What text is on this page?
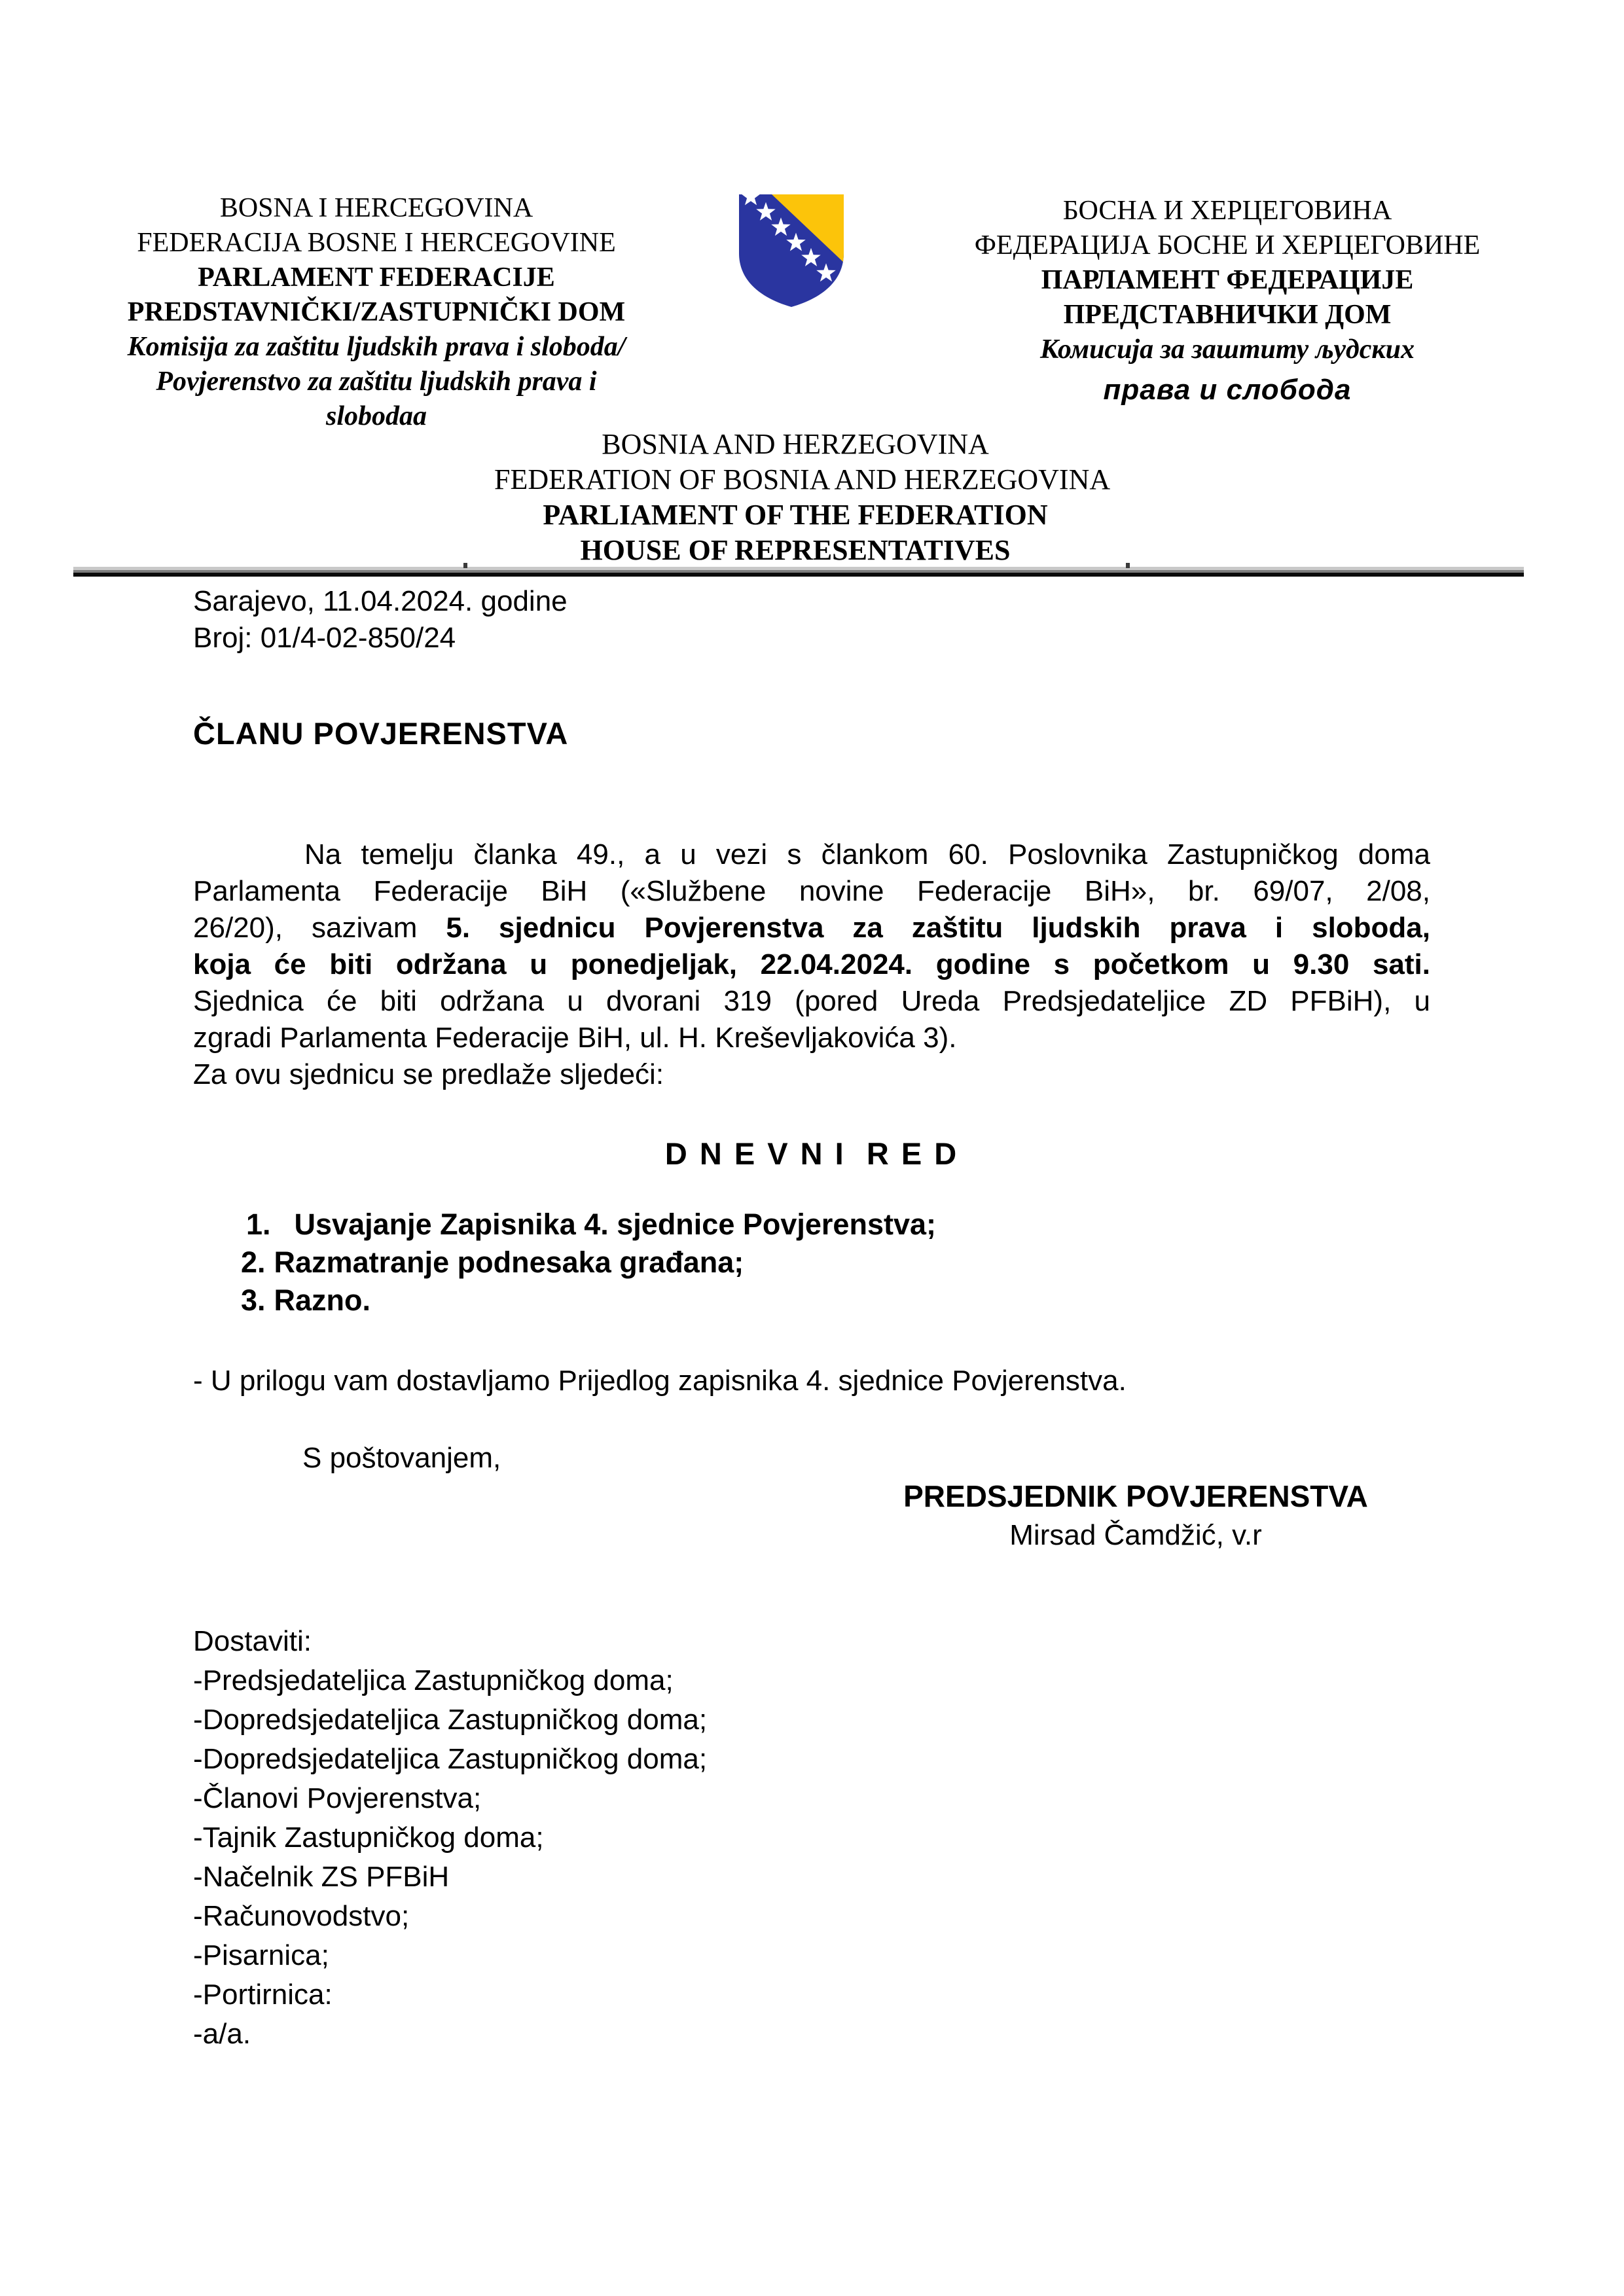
BOSNA I HERCEGOVINA
FEDERACIJA BOSNE I HERCEGOVINE
PARLAMENT FEDERACIJE
PREDSTAVNIČKI/ZASTUPNIČKI DOM
Komisija za zaštitu ljudskih prava i sloboda/
Povjerenstvo za zaštitu ljudskih prava i
slobodaa
БОСНА И ХЕРЦЕГОВИНА
ФЕДЕРАЦИЈА БОСНЕ И ХЕРЦЕГОВИНЕ
ПАРЛАМЕНТ ФЕДЕРАЦИЈЕ
ПРЕДСТАВНИЧКИ ДОМ
Комисија за заштиту људских
права и слобода
BOSNIA AND HERZEGOVINA
FEDERATION OF BOSNIA AND HERZEGOVINA
PARLIAMENT OF THE FEDERATION
HOUSE OF REPRESENTATIVES
Sarajevo, 11.04.2024. godine
Broj: 01/4-02-850/24
ČLANU POVJERENSTVA
Na temelju članka 49., a u vezi s člankom 60. Poslovnika Zastupničkog doma
Parlamenta Federacije BiH («Službene novine Federacije BiH», br. 69/07, 2/08,
26/20), sazivam 5. sjednicu Povjerenstva za zaštitu ljudskih prava i sloboda,
koja će biti održana u ponedjeljak, 22.04.2024. godine s početkom u 9.30 sati.
Sjednica će biti održana u dvorani 319 (pored Ureda Predsjedateljice ZD PFBiH), u
zgradi Parlamenta Federacije BiH, ul. H. Kreševljakovića 3).
Za ovu sjednicu se predlaže sljedeći:
D N E V N I  R E D
1. Usvajanje Zapisnika 4. sjednice Povjerenstva;
2. Razmatranje podnesaka građana;
3. Razno.
- U prilogu vam dostavljamo Prijedlog zapisnika 4. sjednice Povjerenstva.
S poštovanjem,
PREDSJEDNIK POVJERENSTVA
Mirsad Čamdžić, v.r
Dostaviti:
-Predsjedateljica Zastupničkog doma;
-Dopredsjedateljica Zastupničkog doma;
-Dopredsjedateljica Zastupničkog doma;
-Članovi Povjerenstva;
-Tajnik Zastupničkog doma;
-Načelnik ZS PFBiH
-Računovodstvo;
-Pisarnica;
-Portirnica:
-a/a.
